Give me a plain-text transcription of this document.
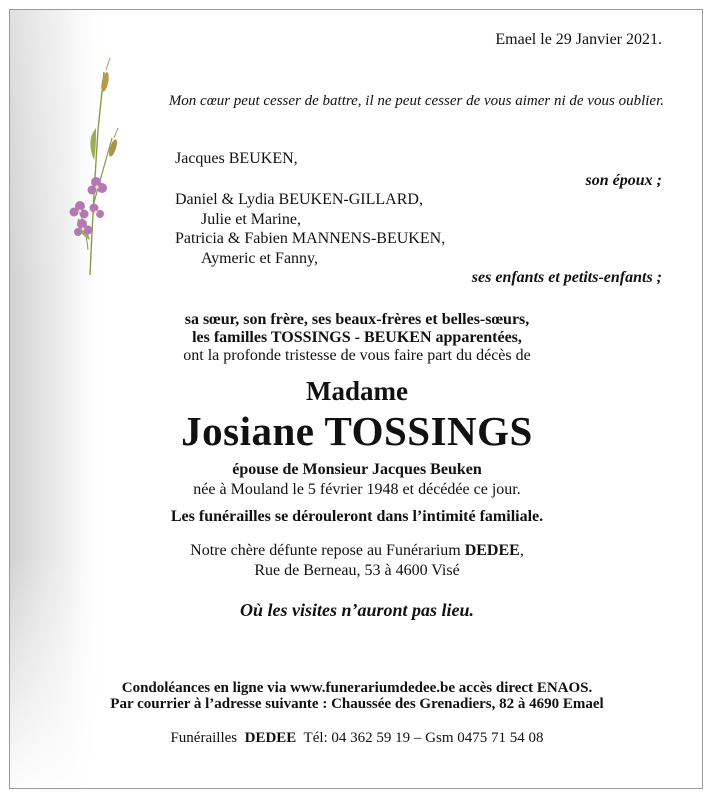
Emael le 29 Janvier 2021.
Mon cœur peut cesser de battre, il ne peut cesser de vous aimer ni de vous oublier.
Jacques BEUKEN,
son époux ;
Daniel & Lydia BEUKEN-GILLARD,
Julie et Marine,
Patricia & Fabien MANNENS-BEUKEN,
Aymeric et Fanny,
ses enfants et petits-enfants ;
sa sœur, son frère, ses beaux-frères et belles-sœurs,
les familles TOSSINGS - BEUKEN apparentées,
ont la profonde tristesse de vous faire part du décès de
Madame
Josiane TOSSINGS
épouse de Monsieur Jacques Beuken
née à Mouland le 5 février 1948 et décédée ce jour.
Les funérailles se dérouleront dans l’intimité familiale.
Notre chère défunte repose au Funérarium DEDEE,
Rue de Berneau, 53 à 4600 Visé
Où les visites n’auront pas lieu.
Condoléances en ligne via www.funerariumdedee.be accès direct ENAOS.
Par courrier à l’adresse suivante : Chaussée des Grenadiers, 82 à 4690 Emael
Funérailles  DEDEE  Tél: 04 362 59 19 – Gsm 0475 71 54 08
